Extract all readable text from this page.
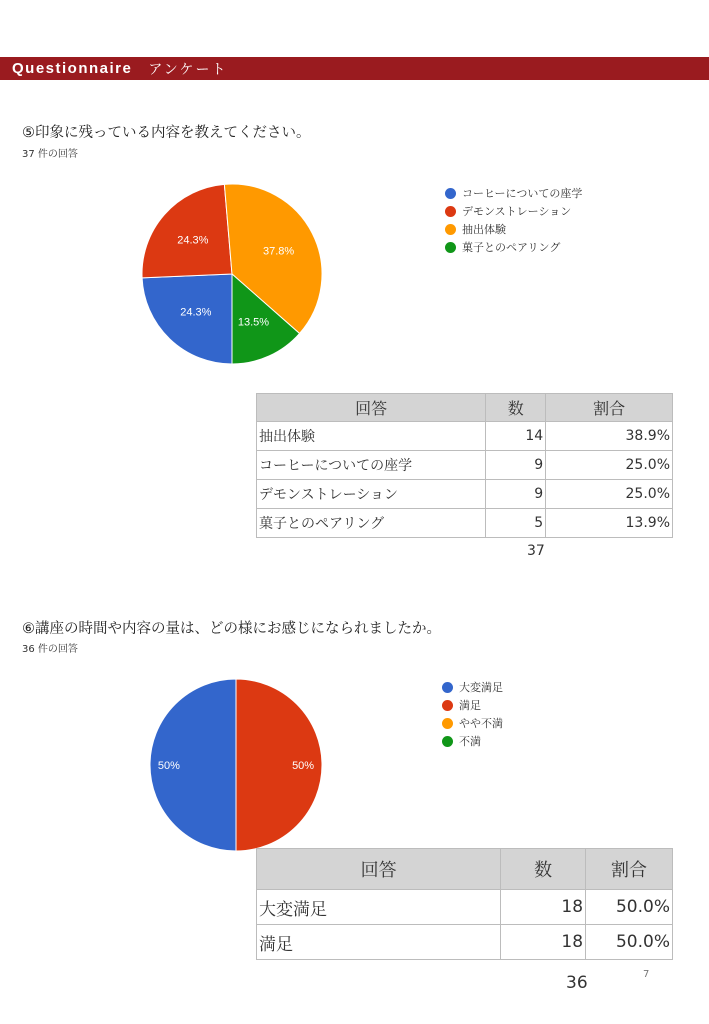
Questionnaire アンケート
⑤印象に残っている内容を教えてください。
37 件の回答
24.3%
24.3%
37.8%
13.5%
コーヒーについての座学
デモンストレーション
抽出体験
菓子とのペアリング
回答	数	割合
抽出体験	14	38.9%
コーヒーについての座学	9	25.0%
デモンストレーション	9	25.0%
菓子とのペアリング	5	13.9%
37
⑥講座の時間や内容の量は、どの様にお感じになられましたか。
36 件の回答
50%	50%
大変満足
満足
やや不満
不満
回答	数	割合
大変満足	18	50.0%
満足	18	50.0%
36	7
